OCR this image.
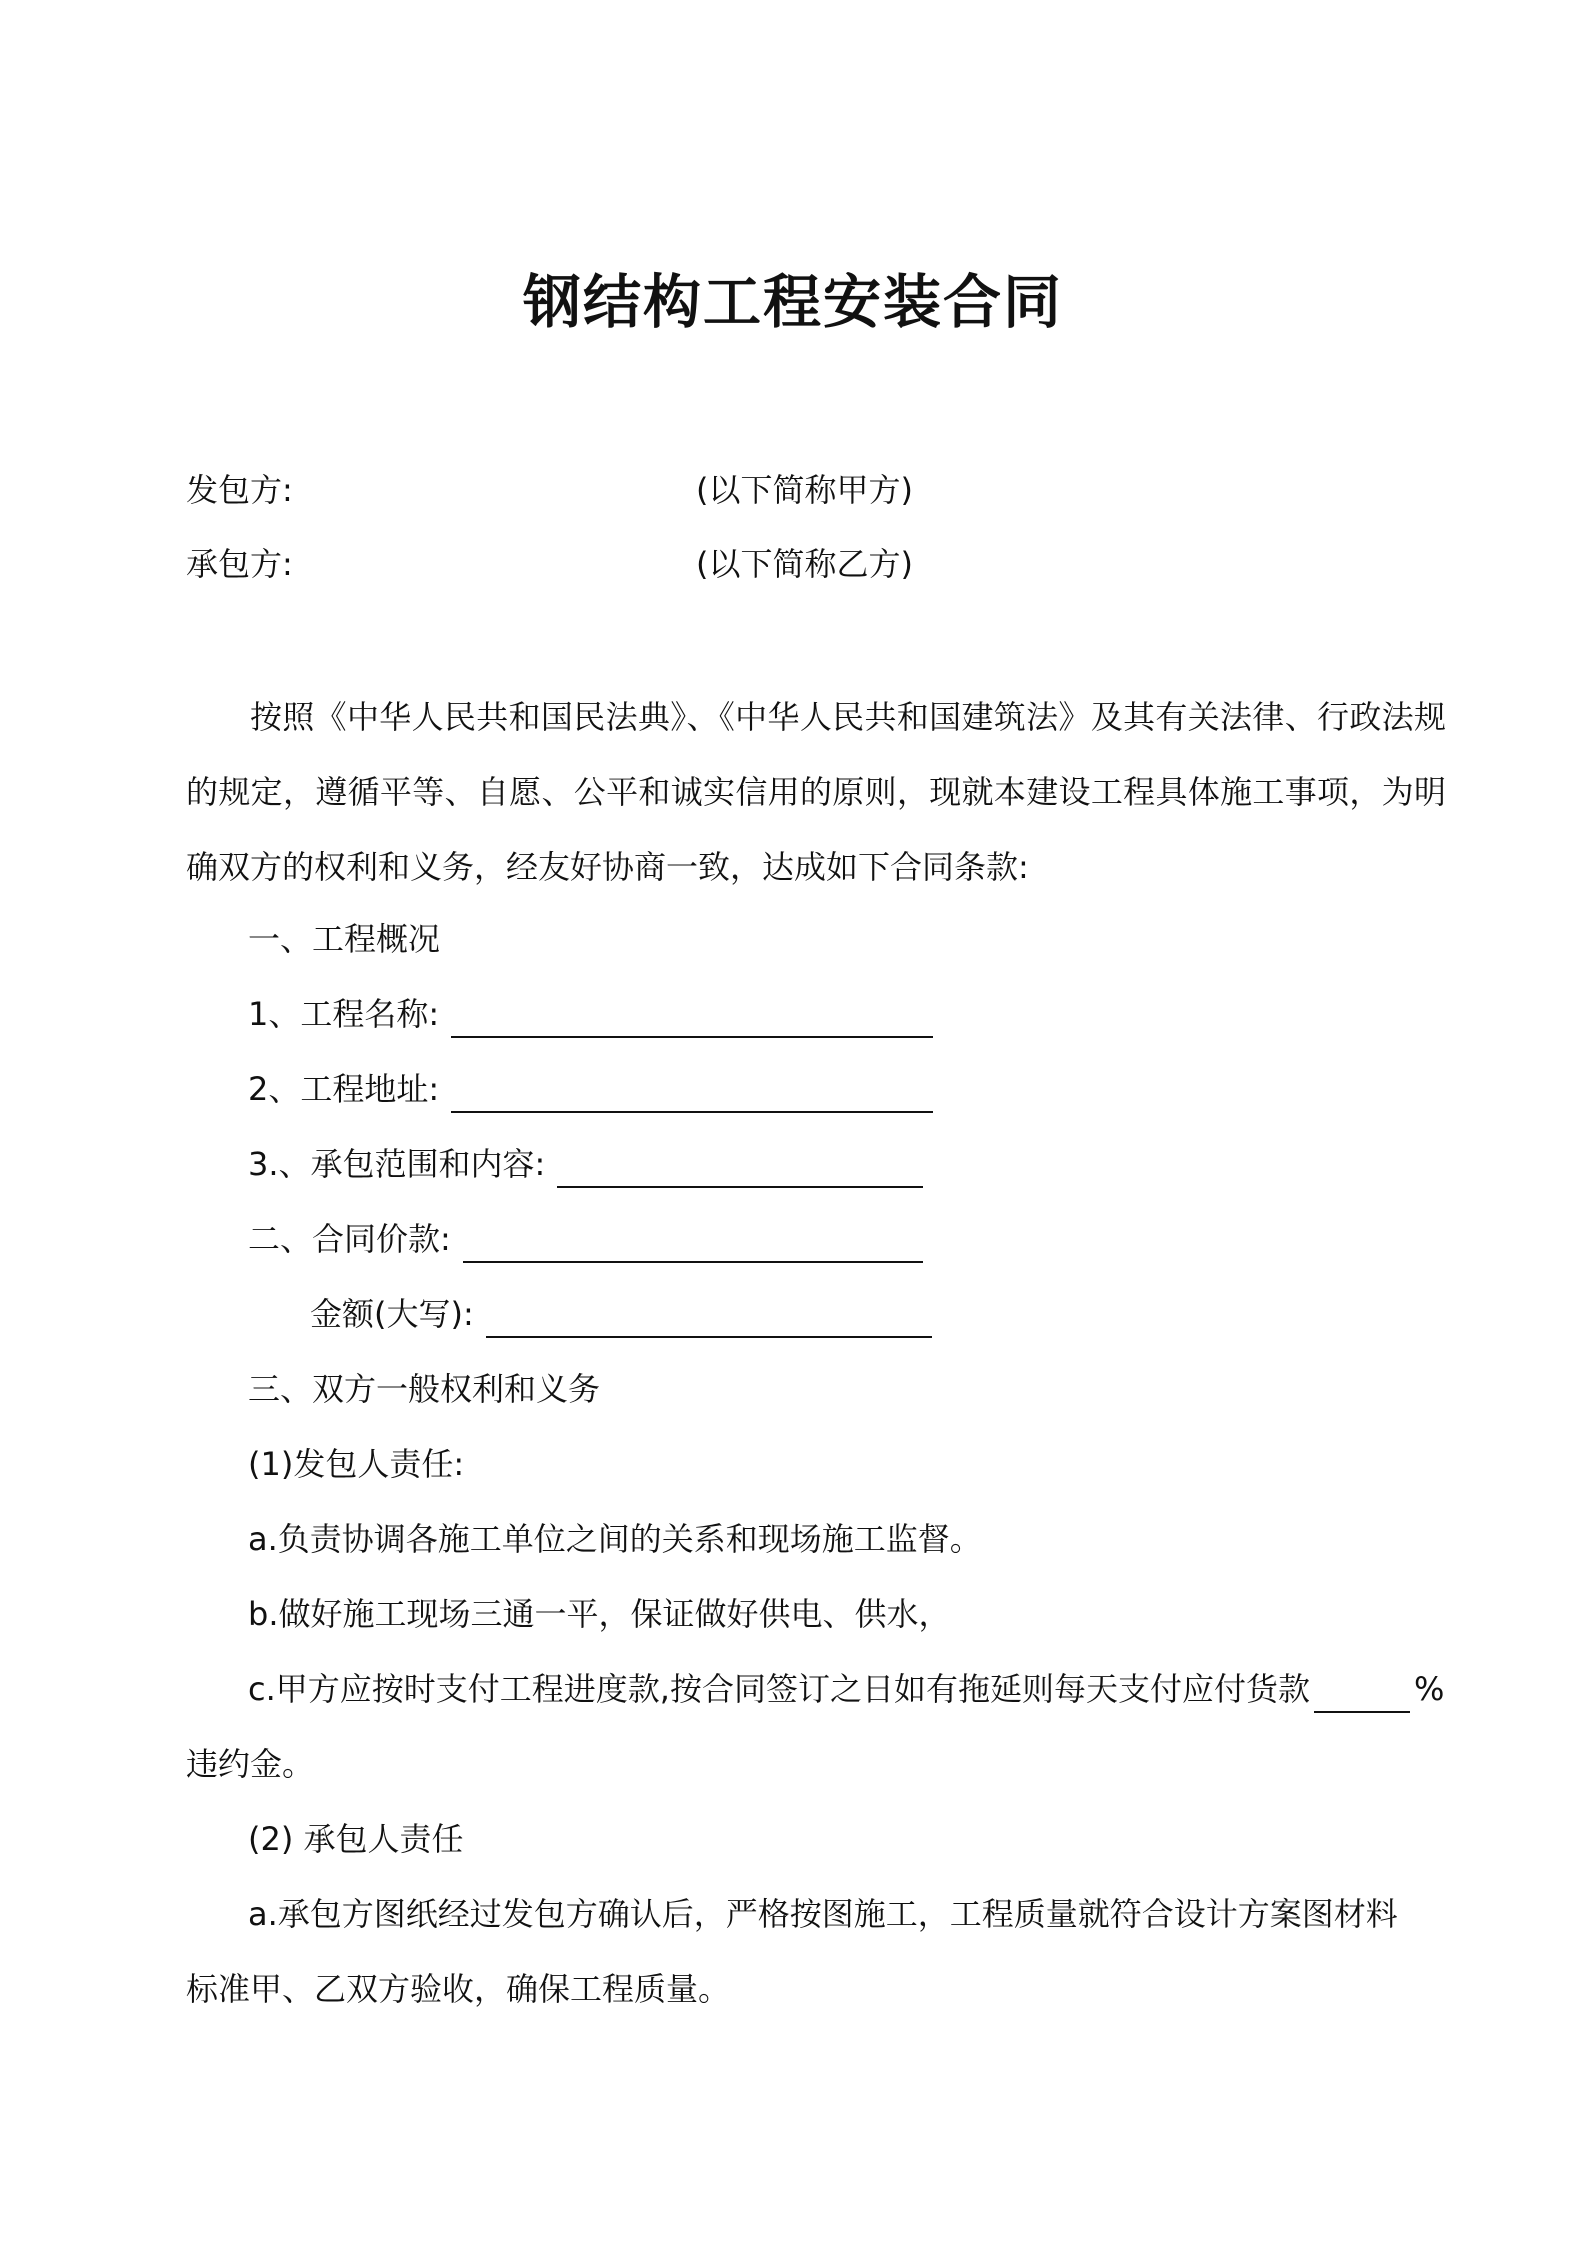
钢结构工程安装合同
发包方:	(以下简称甲方)
承包方:	(以下简称乙方)
按照《中华人民共和国民法典》、《中华人民共和国建筑法》及其有关法律、行政法规的规定，遵循平等、自愿、公平和诚实信用的原则，现就本建设工程具体施工事项，为明确双方的权利和义务，经友好协商一致，达成如下合同条款:
一、工程概况
1、工程名称:
2、工程地址:
3.、承包范围和内容:
二、合同价款:
金额(大写):
三、双方一般权利和义务
(1)发包人责任:
a.负责协调各施工单位之间的关系和现场施工监督。
b.做好施工现场三通一平，保证做好供电、供水，
c.甲方应按时支付工程进度款,按合同签订之日如有拖延则每天支付应付货款	%
违约金。
(2) 承包人责任
a.承包方图纸经过发包方确认后，严格按图施工，工程质量就符合设计方案图材料
标准甲、乙双方验收，确保工程质量。
